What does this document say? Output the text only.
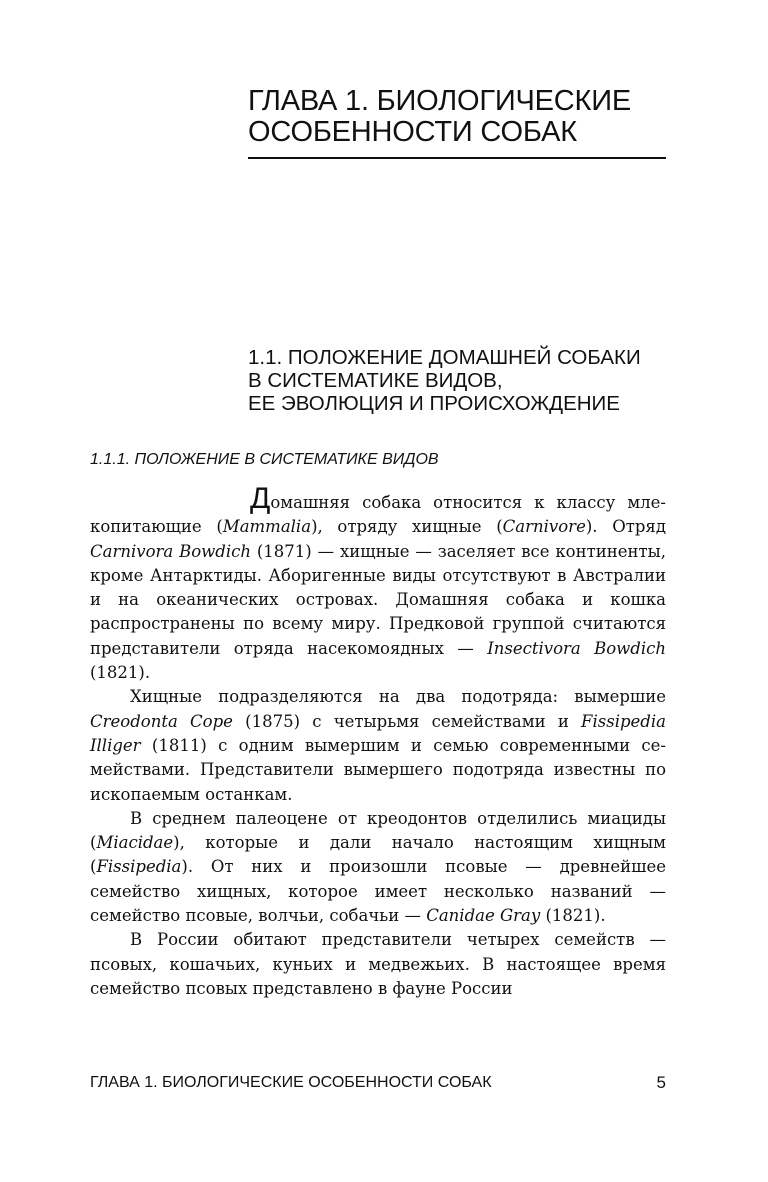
ГЛАВА 1. БИОЛОГИЧЕСКИЕ
ОСОБЕННОСТИ СОБАК
1.1. ПОЛОЖЕНИЕ ДОМАШНЕЙ СОБАКИ
В СИСТЕМАТИКЕ ВИДОВ,
ЕЕ ЭВОЛЮЦИЯ И ПРОИСХОЖДЕНИЕ
1.1.1. ПОЛОЖЕНИЕ В СИСТЕМАТИКЕ ВИДОВ

Домашняя собака относится к классу млекопитающие (Mammalia), отряду хищные (Carnivore). Отряд Carnivora Bowdich (1871) — хищные — заселяет все континенты, кроме Антарктиды. Аборигенные виды отсутствуют в Австралии и на океанических островах. Домашняя собака и кошка распространены по всему миру. Предковой группой считаются представители отряда насекомоядных — Insectivora Bowdich (1821).

Хищные подразделяются на два подотряда: вымершие Creodonta Cope (1875) с четырьмя семействами и Fissipedia Illiger (1811) с одним вымершим и семью современными семействами. Представители вымершего подотряда известны по ископаемым останкам.

В среднем палеоцене от креодонтов отделились миациды (Miacidae), которые и дали начало настоящим хищным (Fissipedia). От них и произошли псовые — древнейшее семейство хищных, которое имеет несколько названий — семейство псовые, волчьи, собачьи — Canidae Gray (1821).

В России обитают представители четырех семейств — псовых, кошачьих, куньих и медвежьих. В настоящее время семейство псовых представлено в фауне России

ГЛАВА 1. БИОЛОГИЧЕСКИЕ ОСОБЕННОСТИ СОБАК	5
